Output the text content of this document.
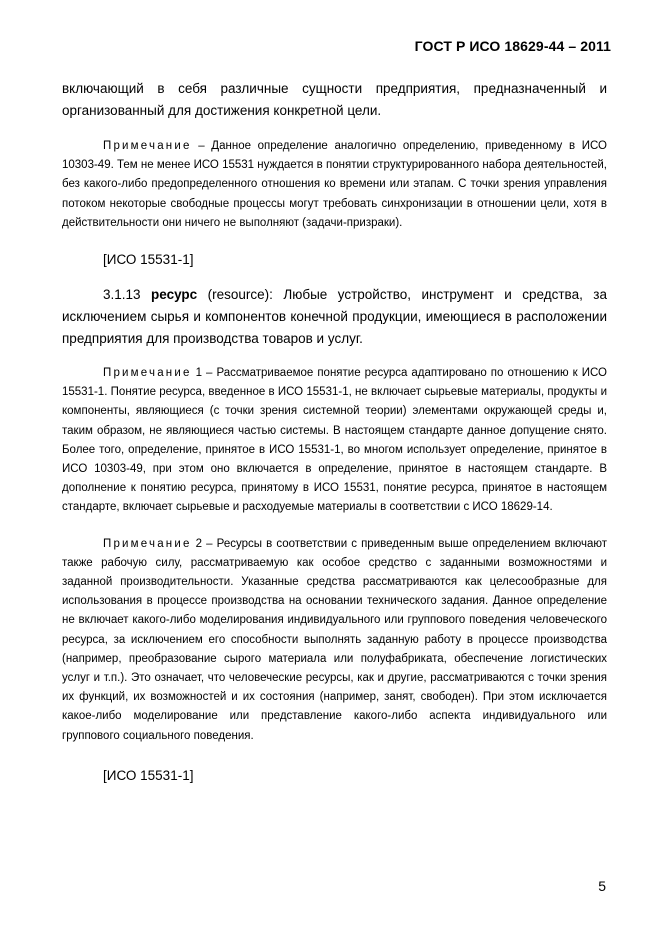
ГОСТ Р ИСО 18629-44 – 2011

включающий в себя различные сущности предприятия, предназначенный и организованный для достижения конкретной цели.

Примечание – Данное определение аналогично определению, приведенному в ИСО 10303-49. Тем не менее ИСО 15531 нуждается в понятии структурированного набора деятельностей, без какого-либо предопределенного отношения ко времени или этапам. С точки зрения управления потоком некоторые свободные процессы могут требовать синхронизации в отношении цели, хотя в действительности они ничего не выполняют (задачи-призраки).

[ИСО 15531-1]

3.1.13 ресурс (resource): Любые устройство, инструмент и средства, за исключением сырья и компонентов конечной продукции, имеющиеся в расположении предприятия для производства товаров и услуг.

Примечание 1 – Рассматриваемое понятие ресурса адаптировано по отношению к ИСО 15531-1. Понятие ресурса, введенное в ИСО 15531-1, не включает сырьевые материалы, продукты и компоненты, являющиеся (с точки зрения системной теории) элементами окружающей среды и, таким образом, не являющиеся частью системы. В настоящем стандарте данное допущение снято. Более того, определение, принятое в ИСО 15531-1, во многом использует определение, принятое в ИСО 10303-49, при этом оно включается в определение, принятое в настоящем стандарте. В дополнение к понятию ресурса, принятому в ИСО 15531, понятие ресурса, принятое в настоящем стандарте, включает сырьевые и расходуемые материалы в соответствии с ИСО 18629-14.

Примечание 2 – Ресурсы в соответствии с приведенным выше определением включают также рабочую силу, рассматриваемую как особое средство с заданными возможностями и заданной производительности. Указанные средства рассматриваются как целесообразные для использования в процессе производства на основании технического задания. Данное определение не включает какого-либо моделирования индивидуального или группового поведения человеческого ресурса, за исключением его способности выполнять заданную работу в процессе производства (например, преобразование сырого материала или полуфабриката, обеспечение логистических услуг и т.п.). Это означает, что человеческие ресурсы, как и другие, рассматриваются с точки зрения их функций, их возможностей и их состояния (например, занят, свободен). При этом исключается какое-либо моделирование или представление какого-либо аспекта индивидуального или группового социального поведения.

[ИСО 15531-1]

5
